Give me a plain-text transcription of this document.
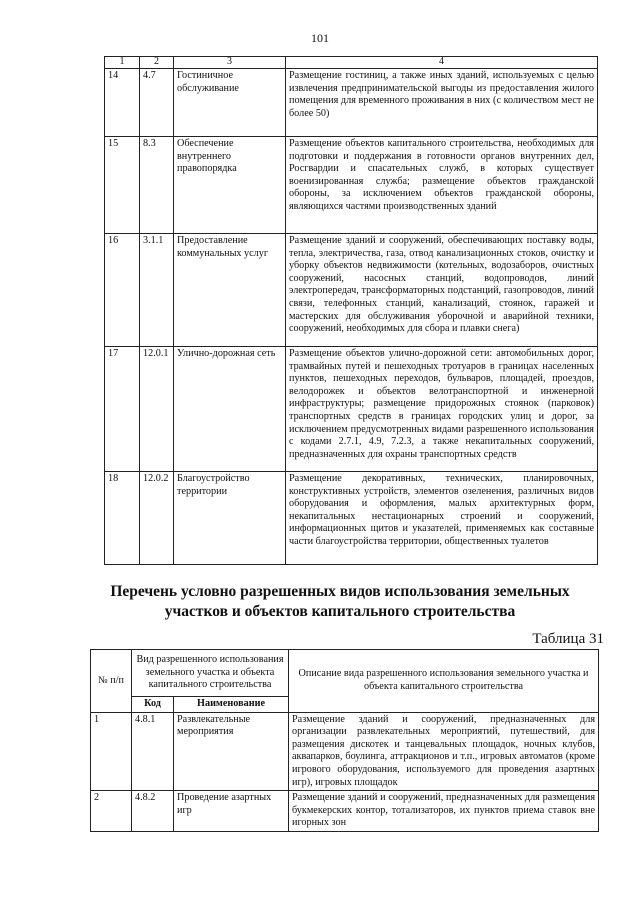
101
1	2	3	4
14	4.7	Гостиничное обслуживание	Размещение гостиниц, а также иных зданий, используемых с целью извлечения предпринимательской выгоды из предоставления жилого помещения для временного проживания в них (с количеством мест не более 50)
15	8.3	Обеспечение внутреннего правопорядка	Размещение объектов капитального строительства, необходимых для подготовки и поддержания в готовности органов внутренних дел, Росгвардии и спасательных служб, в которых существует военизированная служба; размещение объектов гражданской обороны, за исключением объектов гражданской обороны, являющихся частями производственных зданий
16	3.1.1	Предоставление коммунальных услуг	Размещение зданий и сооружений, обеспечивающих поставку воды, тепла, электричества, газа, отвод канализационных стоков, очистку и уборку объектов недвижимости (котельных, водозаборов, очистных сооружений, насосных станций, водопроводов, линий электропередач, трансформаторных подстанций, газопроводов, линий связи, телефонных станций, канализаций, стоянок, гаражей и мастерских для обслуживания уборочной и аварийной техники, сооружений, необходимых для сбора и плавки снега)
17	12.0.1	Улично-дорожная сеть	Размещение объектов улично-дорожной сети: автомобильных дорог, трамвайных путей и пешеходных тротуаров в границах населенных пунктов, пешеходных переходов, бульваров, площадей, проездов, велодорожек и объектов велотранспортной и инженерной инфраструктуры; размещение придорожных стоянок (парковок) транспортных средств в границах городских улиц и дорог, за исключением предусмотренных видами разрешенного использования с кодами 2.7.1, 4.9, 7.2.3, а также некапитальных сооружений, предназначенных для охраны транспортных средств
18	12.0.2	Благоустройство территории	Размещение декоративных, технических, планировочных, конструктивных устройств, элементов озеленения, различных видов оборудования и оформления, малых архитектурных форм, некапитальных нестационарных строений и сооружений, информационных щитов и указателей, применяемых как составные части благоустройства территории, общественных туалетов
Перечень условно разрешенных видов использования земельных участков и объектов капитального строительства
Таблица 31
№ п/п	Вид разрешенного использования земельного участка и объекта капитального строительства		Описание вида разрешенного использования земельного участка и объекта капитального строительства
	Код	Наименование	
1	4.8.1	Развлекательные мероприятия	Размещение зданий и сооружений, предназначенных для организации развлекательных мероприятий, путешествий, для размещения дискотек и танцевальных площадок, ночных клубов, аквапарков, боулинга, аттракционов и т.п., игровых автоматов (кроме игрового оборудования, используемого для проведения азартных игр), игровых площадок
2	4.8.2	Проведение азартных игр	Размещение зданий и сооружений, предназначенных для размещения букмекерских контор, тотализаторов, их пунктов приема ставок вне игорных зон
